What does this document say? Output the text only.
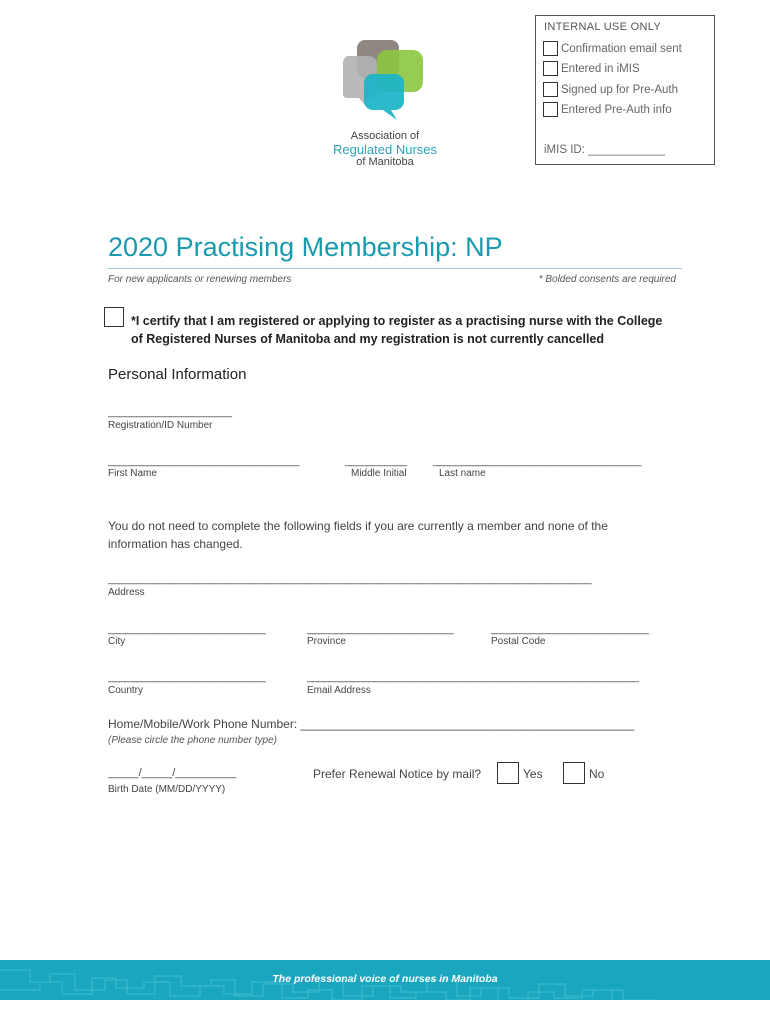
INTERNAL USE ONLY
Confirmation email sent
Entered in iMIS
Signed up for Pre-Auth
Entered Pre-Auth info
iMIS ID: ____________
Association of
Regulated Nurses
of Manitoba
2020 Practising Membership: NP
For new applicants or renewing members	* Bolded consents are required
*I certify that I am registered or applying to register as a practising nurse with the College of Registered Nurses of Manitoba and my registration is not currently cancelled
Personal Information
______________________
Registration/ID Number
__________________________________
First Name
___________
Middle Initial
_____________________________________
Last name
You do not need to complete the following fields if you are currently a member and none of the information has changed.
______________________________________________________________________________________
Address
____________________________
City
__________________________
Province
____________________________
Postal Code
____________________________
Country
___________________________________________________________
Email Address
Home/Mobile/Work Phone Number: __________________________________________________
(Please circle the phone number type)
_____/_____/__________
Birth Date (MM/DD/YYYY)
Prefer Renewal Notice by mail?	Yes	No
The professional voice of nurses in Manitoba
